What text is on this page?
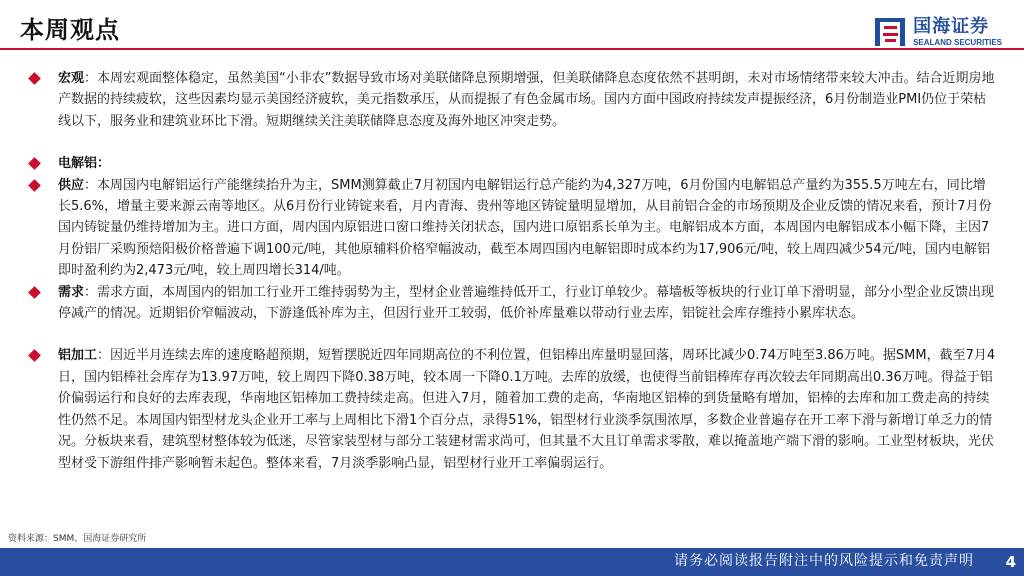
本周观点	国海证券
SEALAND SECURITIES
宏观：本周宏观面整体稳定，虽然美国“小非农”数据导致市场对美联储降息预期增强，但美联储降息态度依然不甚明朗，未对市场情绪带来较大冲击。结合近期房地产数据的持续疲软，这些因素均显示美国经济疲软，美元指数承压，从而提振了有色金属市场。国内方面中国政府持续发声提振经济，6月份制造业PMI仍位于荣枯线以下，服务业和建筑业环比下滑。短期继续关注美联储降息态度及海外地区冲突走势。
电解铝：
供应：本周国内电解铝运行产能继续抬升为主，SMM测算截止7月初国内电解铝运行总产能约为4,327万吨，6月份国内电解铝总产量约为355.5万吨左右，同比增长5.6%，增量主要来源云南等地区。从6月份行业铸锭来看，月内青海、贵州等地区铸锭量明显增加，从目前铝合金的市场预期及企业反馈的情况来看，预计7月份国内铸锭量仍维持增加为主。进口方面，周内国内原铝进口窗口维持关闭状态，国内进口原铝系长单为主。电解铝成本方面，本周国内电解铝成本小幅下降，主因7月份铝厂采购预焙阳极价格普遍下调100元/吨，其他原辅料价格窄幅波动，截至本周四国内电解铝即时成本约为17,906元/吨，较上周四减少54元/吨，国内电解铝即时盈利约为2,473元/吨，较上周四增长314/吨。
需求：需求方面，本周国内的铝加工行业开工维持弱势为主，型材企业普遍维持低开工，行业订单较少。幕墙板等板块的行业订单下滑明显，部分小型企业反馈出现停减产的情况。近期铝价窄幅波动，下游逢低补库为主，但因行业开工较弱，低价补库量难以带动行业去库，铝锭社会库存维持小累库状态。
铝加工：因近半月连续去库的速度略超预期，短暂摆脱近四年同期高位的不利位置，但铝棒出库量明显回落，周环比减少0.74万吨至3.86万吨。据SMM，截至7月4日，国内铝棒社会库存为13.97万吨，较上周四下降0.38万吨，较本周一下降0.1万吨。去库的放缓，也使得当前铝棒库存再次较去年同期高出0.36万吨。得益于铝价偏弱运行和良好的去库表现，华南地区铝棒加工费持续走高。但进入7月，随着加工费的走高，华南地区铝棒的到货量略有增加，铝棒的去库和加工费走高的持续性仍然不足。本周国内铝型材龙头企业开工率与上周相比下滑1个百分点，录得51%，铝型材行业淡季氛围浓厚，多数企业普遍存在开工率下滑与新增订单乏力的情况。分板块来看，建筑型材整体较为低迷，尽管家装型材与部分工装建材需求尚可，但其量不大且订单需求零散，难以掩盖地产端下滑的影响。工业型材板块，光伏型材受下游组件排产影响暂未起色。整体来看，7月淡季影响凸显，铝型材行业开工率偏弱运行。
资料来源：SMM、国海证券研究所
请务必阅读报告附注中的风险提示和免责声明 4
